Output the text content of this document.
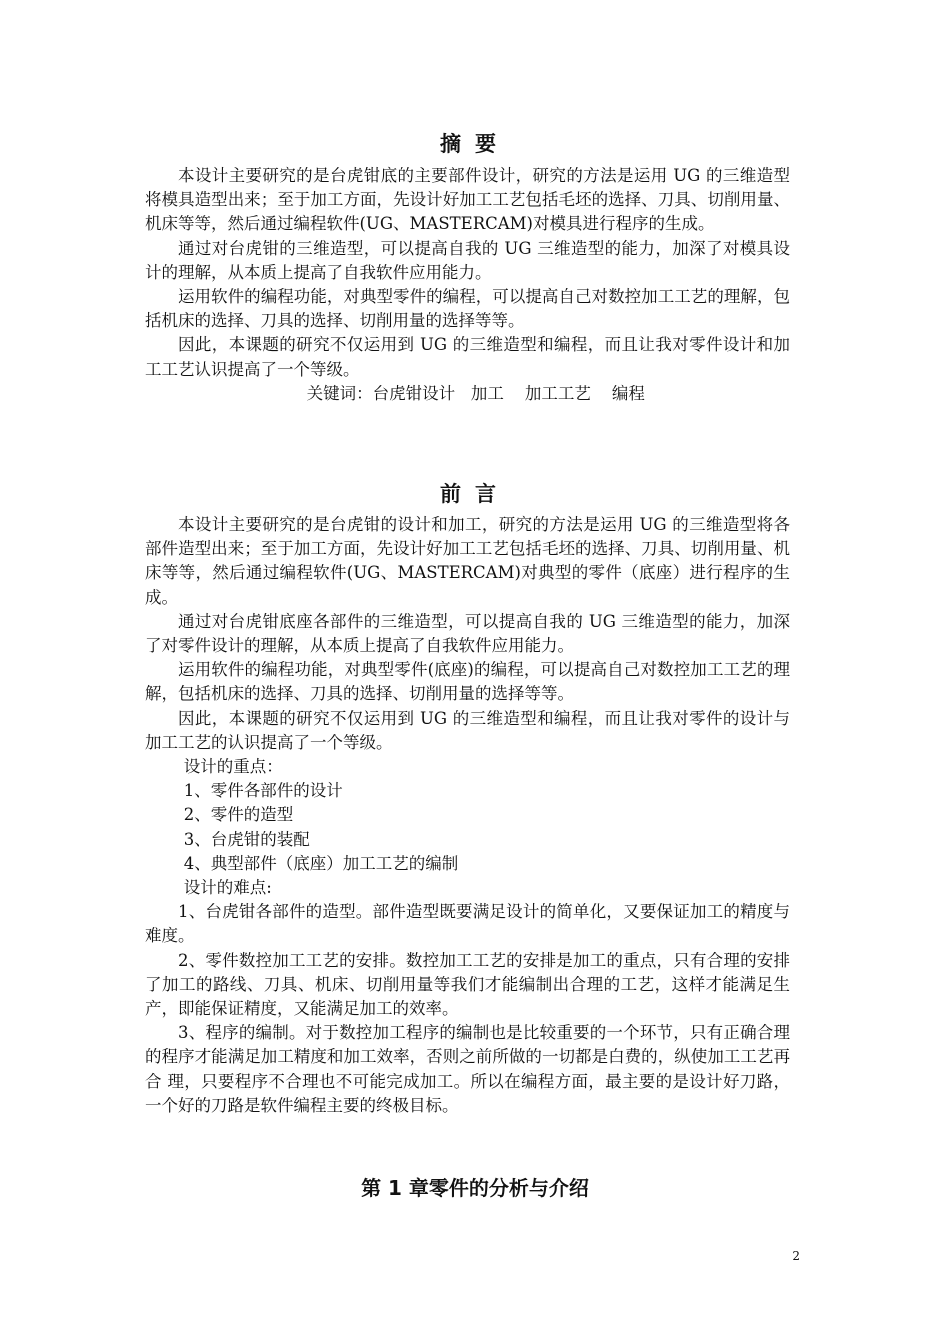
摘要

本设计主要研究的是台虎钳底的主要部件设计，研究的方法是运用 UG 的三维造型将模具造型出来；至于加工方面，先设计好加工工艺包括毛坯的选择、刀具、切削用量、机床等等，然后通过编程软件(UG、MASTERCAM)对模具进行程序的生成。

通过对台虎钳的三维造型，可以提高自我的 UG 三维造型的能力，加深了对模具设计的理解，从本质上提高了自我软件应用能力。

运用软件的编程功能，对典型零件的编程，可以提高自己对数控加工工艺的理解，包括机床的选择、刀具的选择、切削用量的选择等等。

因此，本课题的研究不仅运用到 UG 的三维造型和编程，而且让我对零件设计和加工工艺认识提高了一个等级。

关键词：台虎钳设计   加工    加工工艺    编程

前言

本设计主要研究的是台虎钳的设计和加工，研究的方法是运用 UG 的三维造型将各部件造型出来；至于加工方面，先设计好加工工艺包括毛坯的选择、刀具、切削用量、机床等等，然后通过编程软件(UG、MASTERCAM)对典型的零件（底座）进行程序的生成。

通过对台虎钳底座各部件的三维造型，可以提高自我的 UG 三维造型的能力，加深了对零件设计的理解，从本质上提高了自我软件应用能力。

运用软件的编程功能，对典型零件(底座)的编程，可以提高自己对数控加工工艺的理解，包括机床的选择、刀具的选择、切削用量的选择等等。

因此，本课题的研究不仅运用到 UG 的三维造型和编程，而且让我对零件的设计与加工工艺的认识提高了一个等级。

设计的重点：

1、零件各部件的设计

2、零件的造型

3、台虎钳的装配

4、典型部件（底座）加工工艺的编制

设计的难点:

1、台虎钳各部件的造型。部件造型既要满足设计的简单化，又要保证加工的精度与难度。

2、零件数控加工工艺的安排。数控加工工艺的安排是加工的重点，只有合理的安排了加工的路线、刀具、机床、切削用量等我们才能编制出合理的工艺，这样才能满足生产，即能保证精度，又能满足加工的效率。

3、程序的编制。对于数控加工程序的编制也是比较重要的一个环节，只有正确合理的程序才能满足加工精度和加工效率，否则之前所做的一切都是白费的，纵使加工工艺再合 理，只要程序不合理也不可能完成加工。所以在编程方面，最主要的是设计好刀路，一个好的刀路是软件编程主要的终极目标。

第 1 章零件的分析与介绍
2
